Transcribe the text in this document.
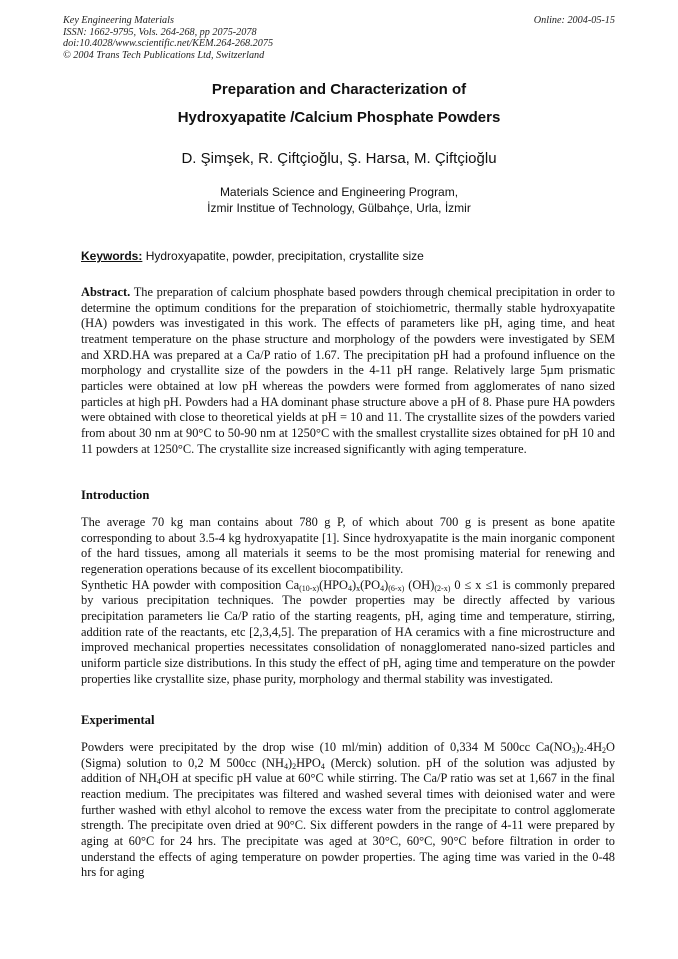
Key Engineering Materials
ISSN: 1662-9795, Vols. 264-268, pp 2075-2078
doi:10.4028/www.scientific.net/KEM.264-268.2075
© 2004 Trans Tech Publications Ltd, Switzerland
Online: 2004-05-15
Preparation and Characterization of
Hydroxyapatite /Calcium Phosphate Powders
D. Şimşek, R. Çiftçioğlu, Ş. Harsa, M. Çiftçioğlu
Materials Science and Engineering Program,
İzmir Institue of Technology, Gülbahçe, Urla, İzmir
Keywords: Hydroxyapatite, powder, precipitation, crystallite size

Abstract. The preparation of calcium phosphate based powders through chemical precipitation in order to determine the optimum conditions for the preparation of stoichiometric, thermally stable hydroxyapatite (HA) powders was investigated in this work. The effects of parameters like pH, aging time, and heat treatment temperature on the phase structure and morphology of the powders were investigated by SEM and XRD.HA was prepared at a Ca/P ratio of 1.67. The precipitation pH had a profound influence on the morphology and crystallite size of the powders in the 4-11 pH range. Relatively large 5µm prismatic particles were obtained at low pH whereas the powders were formed from agglomerates of nano sized particles at high pH. Powders had a HA dominant phase structure above a pH of 8. Phase pure HA powders were obtained with close to theoretical yields at pH = 10 and 11. The crystallite sizes of the powders varied from about 30 nm at 90°C to 50-90 nm at 1250°C with the smallest crystallite sizes obtained for pH 10 and 11 powders at 1250°C. The crystallite size increased significantly with aging temperature.

Introduction

The average 70 kg man contains about 780 g P, of which about 700 g is present as bone apatite corresponding to about 3.5-4 kg hydroxyapatite [1]. Since hydroxyapatite is the main inorganic component of the hard tissues, among all materials it seems to be the most promising material for renewing and regeneration operations because of its excellent biocompatibility.

Synthetic HA powder with composition $Ca_{(10-x)}(HPO_4)_x(PO_4)_{(6-x)}$ $(OH)_{(2-x)}$ 0 ≤ x ≤1 is commonly prepared by various precipitation techniques. The powder properties may be directly affected by various precipitation parameters lie Ca/P ratio of the starting reagents, pH, aging time and temperature, stirring, addition rate of the reactants, etc [2,3,4,5]. The preparation of HA ceramics with a fine microstructure and improved mechanical properties necessitates consolidation of nonagglomerated nano-sized particles and uniform particle size distributions. In this study the effect of pH, aging time and temperature on the powder properties like crystallite size, phase purity, morphology and thermal stability was investigated.

Experimental

Powders were precipitated by the drop wise (10 ml/min) addition of 0,334 M 500cc $Ca(NO_3)_2.4H_2O$ (Sigma) solution to 0,2 M 500cc $(NH_4)_2HPO_4$ (Merck) solution. pH of the solution was adjusted by addition of $NH_4OH$ at specific pH value at 60°C while stirring. The Ca/P ratio was set at 1,667 in the final reaction medium. The precipitates was filtered and washed several times with deionised water and were further washed with ethyl alcohol to remove the excess water from the precipitate to control agglomerate strength. The precipitate oven dried at 90°C. Six different powders in the range of 4-11 were prepared by aging at 60°C for 24 hrs. The precipitate was aged at 30°C, 60°C, 90°C before filtration in order to understand the effects of aging temperature on powder properties. The aging time was varied in the 0-48 hrs for aging
